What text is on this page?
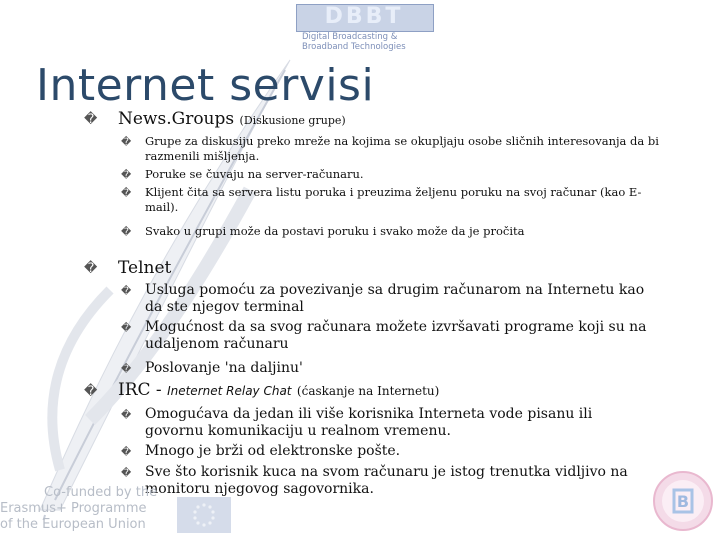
DBBT
Digital Broadcasting &
Broadband Technologies
Internet servisi
� News.Groups (Diskusione grupe)
� Grupe za diskusiju preko mreže na kojima se okupljaju osobe sličnih interesovanja da bi razmenili mišljenja.
� Poruke se čuvaju na server-računaru.
� Klijent čita sa servera listu poruka i preuzima željenu poruku na svoj računar (kao E-mail).
� Svako u grupi može da postavi poruku i svako može da je pročita
� Telnet
� Usluga pomoću za povezivanje sa drugim računarom na Internetu kao da ste njegov terminal
� Mogućnost da sa svog računara možete izvršavati programe koji su na udaljenom računaru
� Poslovanje 'na daljinu'
� IRC - Ineternet Relay Chat (ćaskanje na Internetu)
� Omogućava da jedan ili više korisnika Interneta vode pisanu ili govornu komunikaciju u realnom vremenu.
� Mnogo je brži od elektronske pošte.
� Sve što korisnik kuca na svom računaru je istog trenutka vidljivo na monitoru njegovog sagovornika.
Co-funded by the
Erasmus+ Programme
of the European Union
B
